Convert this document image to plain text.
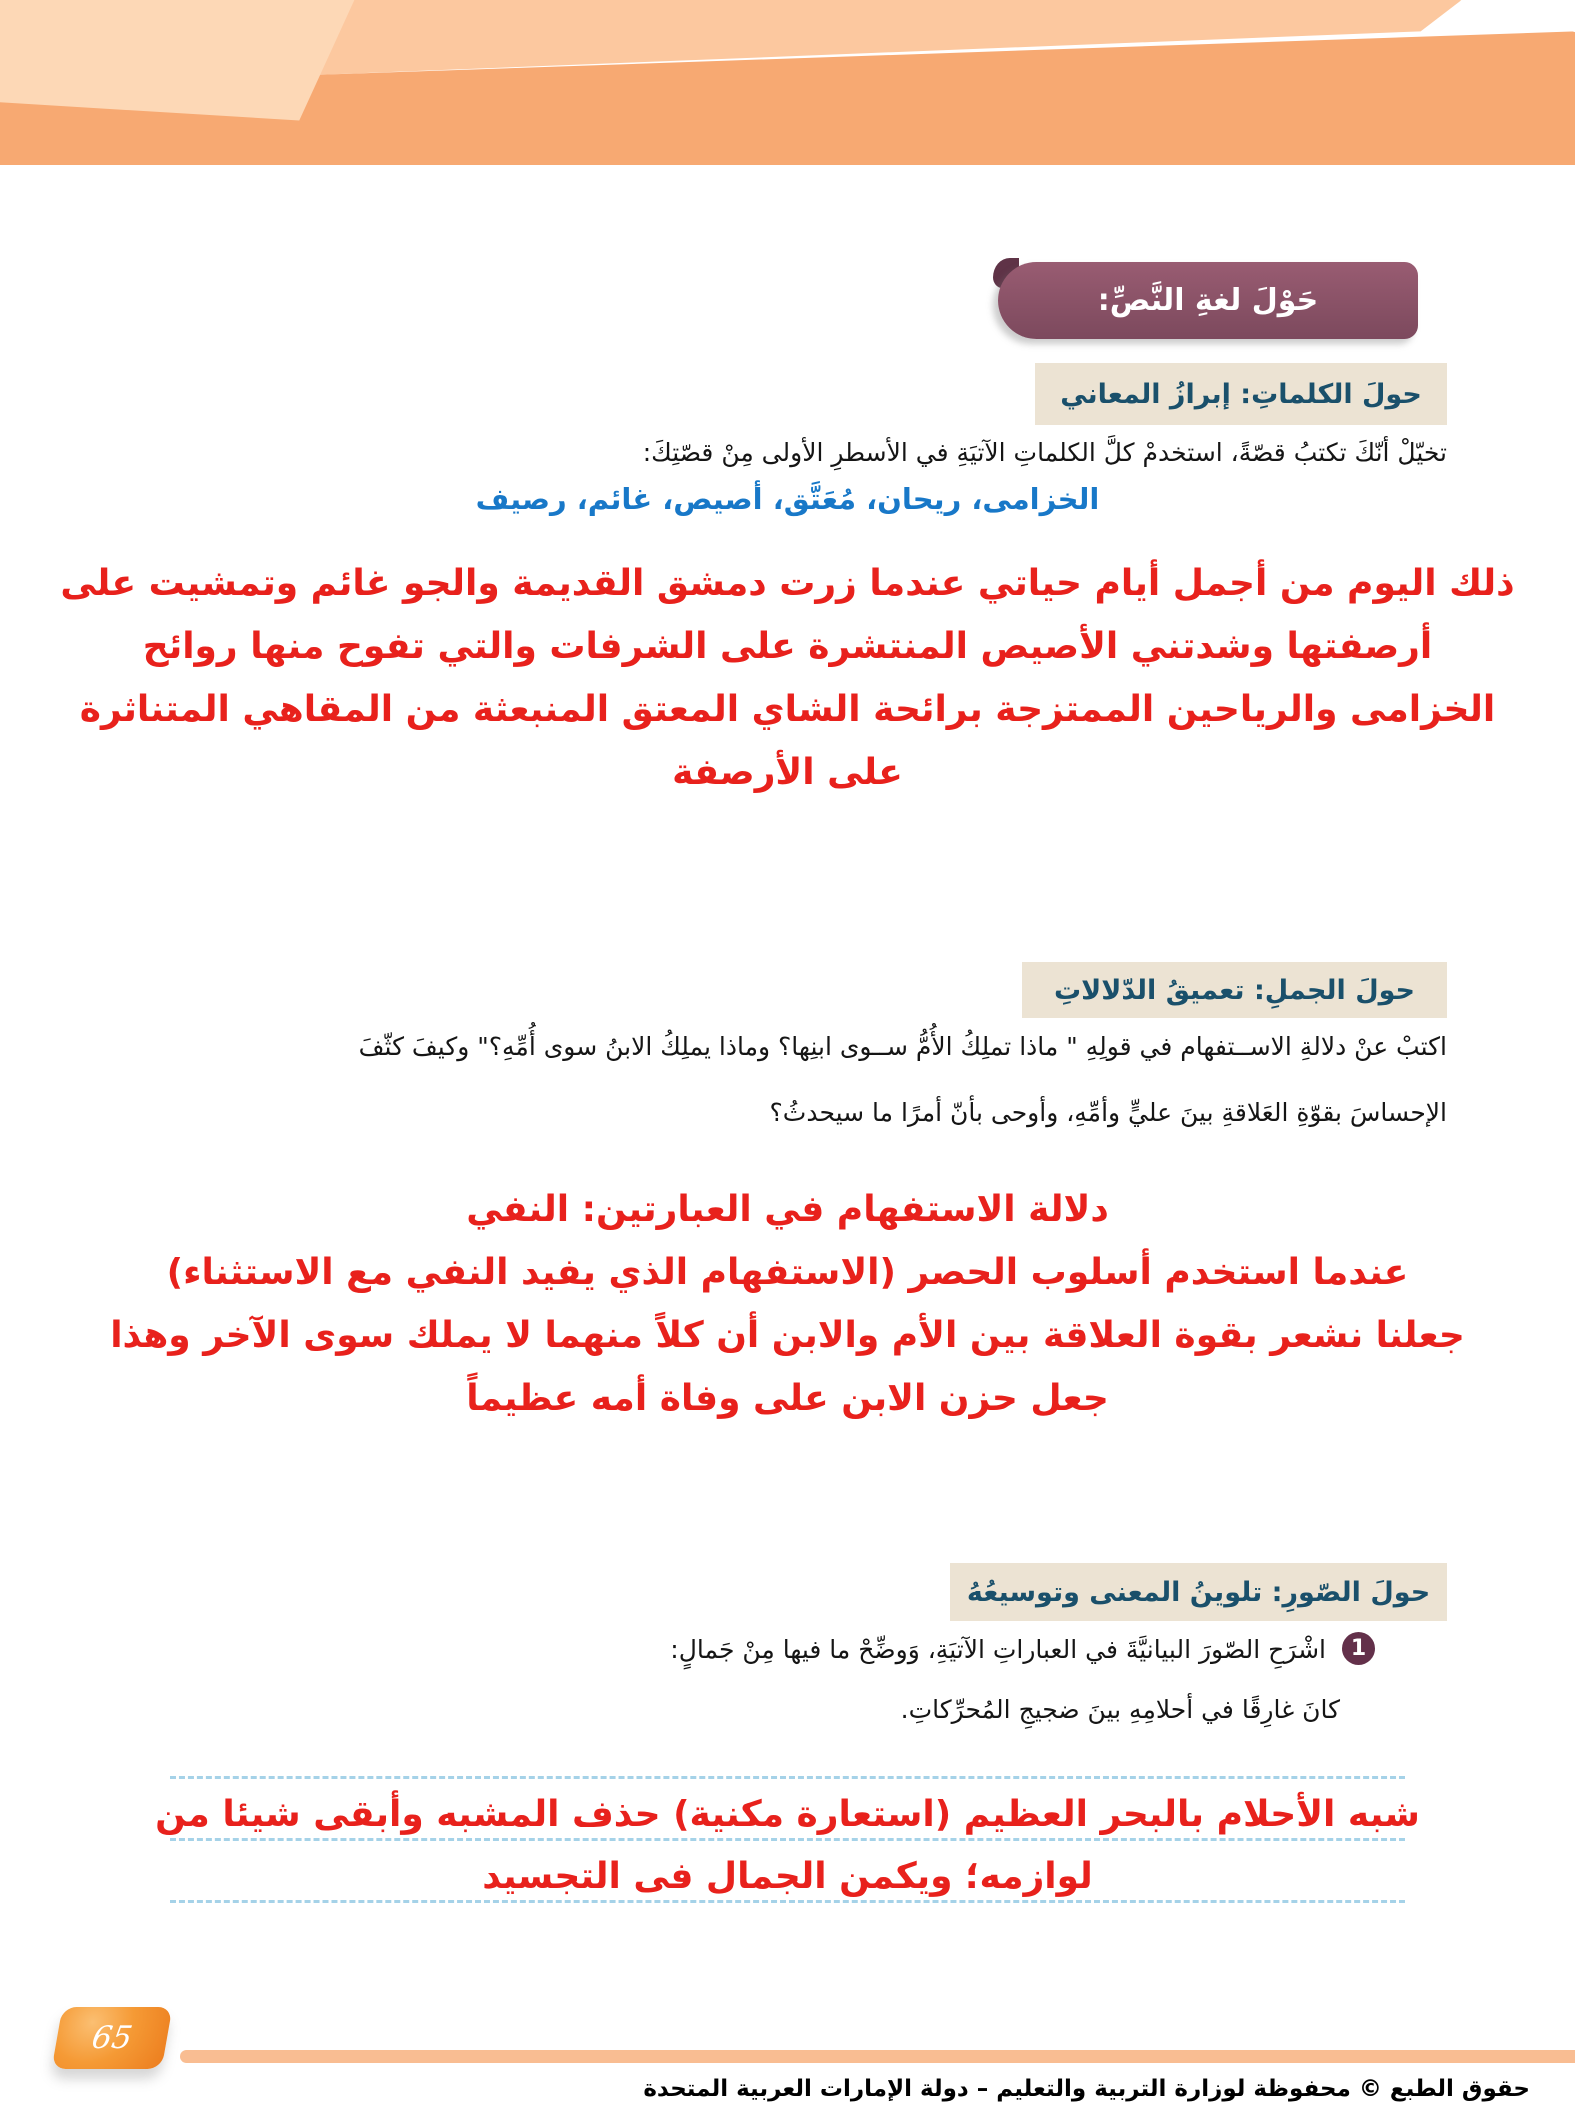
حَوْلَ لغةِ النَّصِّ:
حولَ الكلماتِ: إبرازُ المعاني
تخيّلْ أنّكَ تكتبُ قصّةً، استخدمْ كلَّ الكلماتِ الآتيَةِ في الأسطرِ الأولى مِنْ قصّتِكَ:
الخزامى، ريحان، مُعَتَّق، أصيص، غائم، رصيف
ذلك اليوم من أجمل أيام حياتي عندما زرت دمشق القديمة والجو غائم وتمشيت على
أرصفتها وشدتني الأصيص المنتشرة على الشرفات والتي تفوح منها روائح
الخزامى والرياحين الممتزجة برائحة الشاي المعتق المنبعثة من المقاهي المتناثرة
على الأرصفة
حولَ الجملِ: تعميقُ الدّلالاتِ
اكتبْ عنْ دلالةِ الاســتفهام في قولِهِ " ماذا تملِكُ الأُمُّ ســوى ابنِها؟ وماذا يملِكُ الابنُ سوى أُمِّهِ؟" وكيفَ كثّفَ
الإحساسَ بقوّةِ العَلاقةِ بينَ عليٍّ وأمِّهِ، وأوحى بأنّ أمرًا ما سيحدثُ؟
دلالة الاستفهام في العبارتين: النفي
عندما استخدم أسلوب الحصر (الاستفهام الذي يفيد النفي مع الاستثناء)
جعلنا نشعر بقوة العلاقة بين الأم والابن أن كلاً منهما لا يملك سوى الآخر وهذا
جعل حزن الابن على وفاة أمه عظيماً
حولَ الصّورِ: تلوينُ المعنى وتوسيعُهُ
1
اشْرَحِ الصّورَ البيانيَّةَ في العباراتِ الآتيَةِ، وَوضِّحْ ما فيها مِنْ جَمالٍ:
كانَ غارِقًا في أحلامِهِ بينَ ضجيجِ المُحرِّكاتِ.
شبه الأحلام بالبحر العظيم (استعارة مكنية) حذف المشبه وأبقى شيئا من
لوازمه؛ ويكمن الجمال فى التجسيد
65
حقوق الطبع © محفوظة لوزارة التربية والتعليم – دولة الإمارات العربية المتحدة
